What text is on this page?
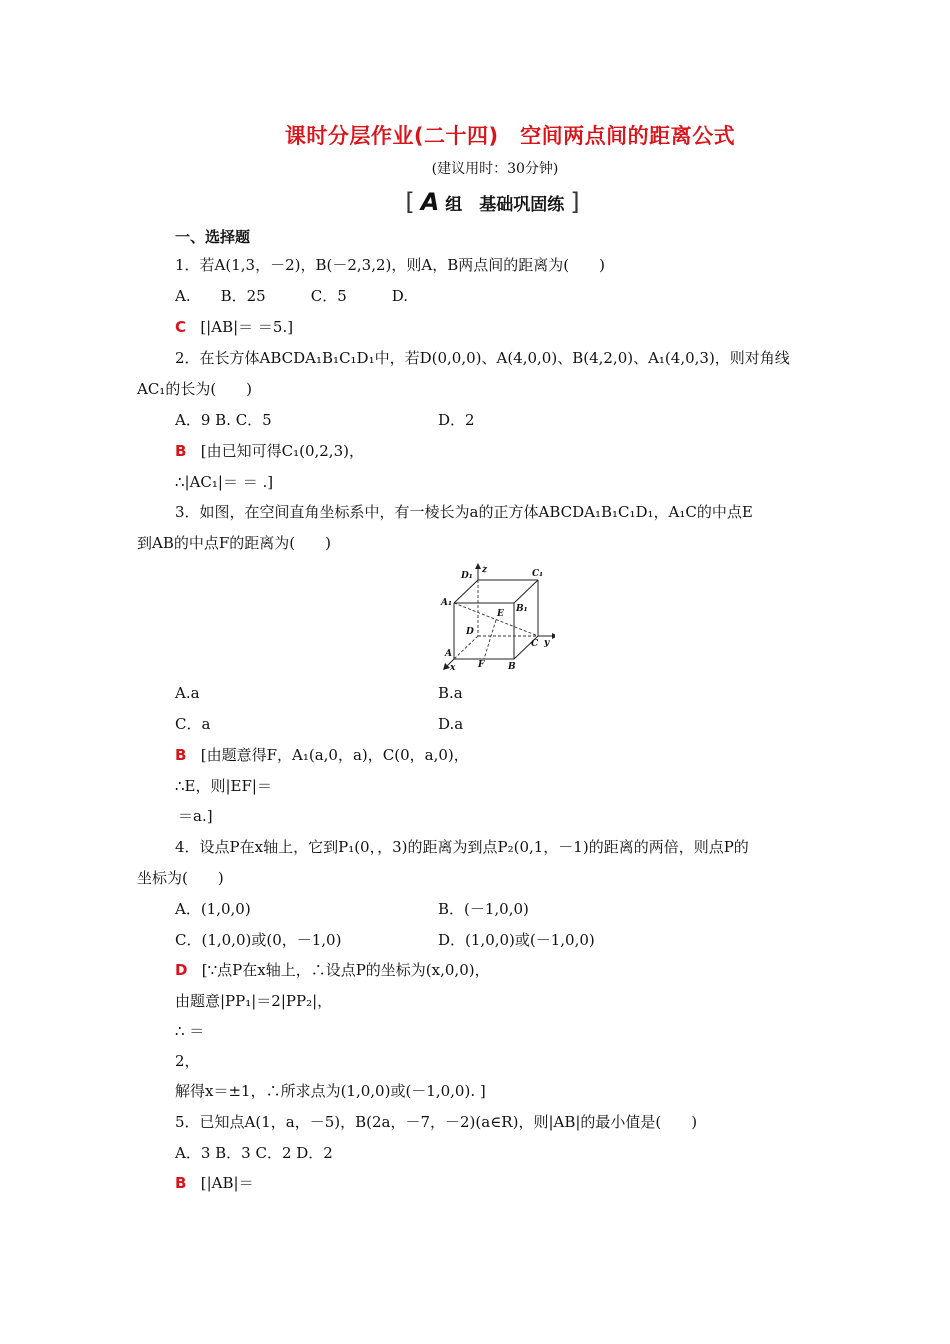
课时分层作业(二十四)　空间两点间的距离公式
(建议用时：30分钟)
[ A 组　基础巩固练 ]
一、选择题
1．若A(1,3，－2)，B(－2,3,2)，则A，B两点间的距离为(　　)
A.　　B．25　　　C．5　　　D.
C [|AB|＝ ＝5.]
2．在长方体ABCDA₁B₁C₁D₁中，若D(0,0,0)、A(4,0,0)、B(4,2,0)、A₁(4,0,3)，则对角线
AC₁的长为(　　)
A．9 B. C．5	D．2
B [由已知可得C₁(0,2,3)，
∴|AC₁|＝ ＝ .]
3．如图，在空间直角坐标系中，有一棱长为a的正方体ABCDA₁B₁C₁D₁，A₁C的中点E
到AB的中点F的距离为(　　)
D₁
z	C₁
A₁
B₁
E
D
C y
A
x	F	B
A.a	B.a
C．a	D.a
B [由题意得F，A₁(a,0，a)，C(0，a,0)，
∴E，则|EF|＝
＝a.]
4．设点P在x轴上，它到P₁(0，，3)的距离为到点P₂(0,1，－1)的距离的两倍，则点P的
坐标为(　　)
A．(1,0,0)	B．(－1,0,0)
C．(1,0,0)或(0，－1,0)	D．(1,0,0)或(－1,0,0)
D [∵点P在x轴上，∴设点P的坐标为(x,0,0)，
由题意|PP₁|＝2|PP₂|，
∴ ＝
2，
解得x＝±1，∴所求点为(1,0,0)或(－1,0,0). ]
5．已知点A(1，a，－5)，B(2a，－7，－2)(a∈R)，则|AB|的最小值是(　　)
A．3 B．3 C．2 D．2
B [|AB|＝
